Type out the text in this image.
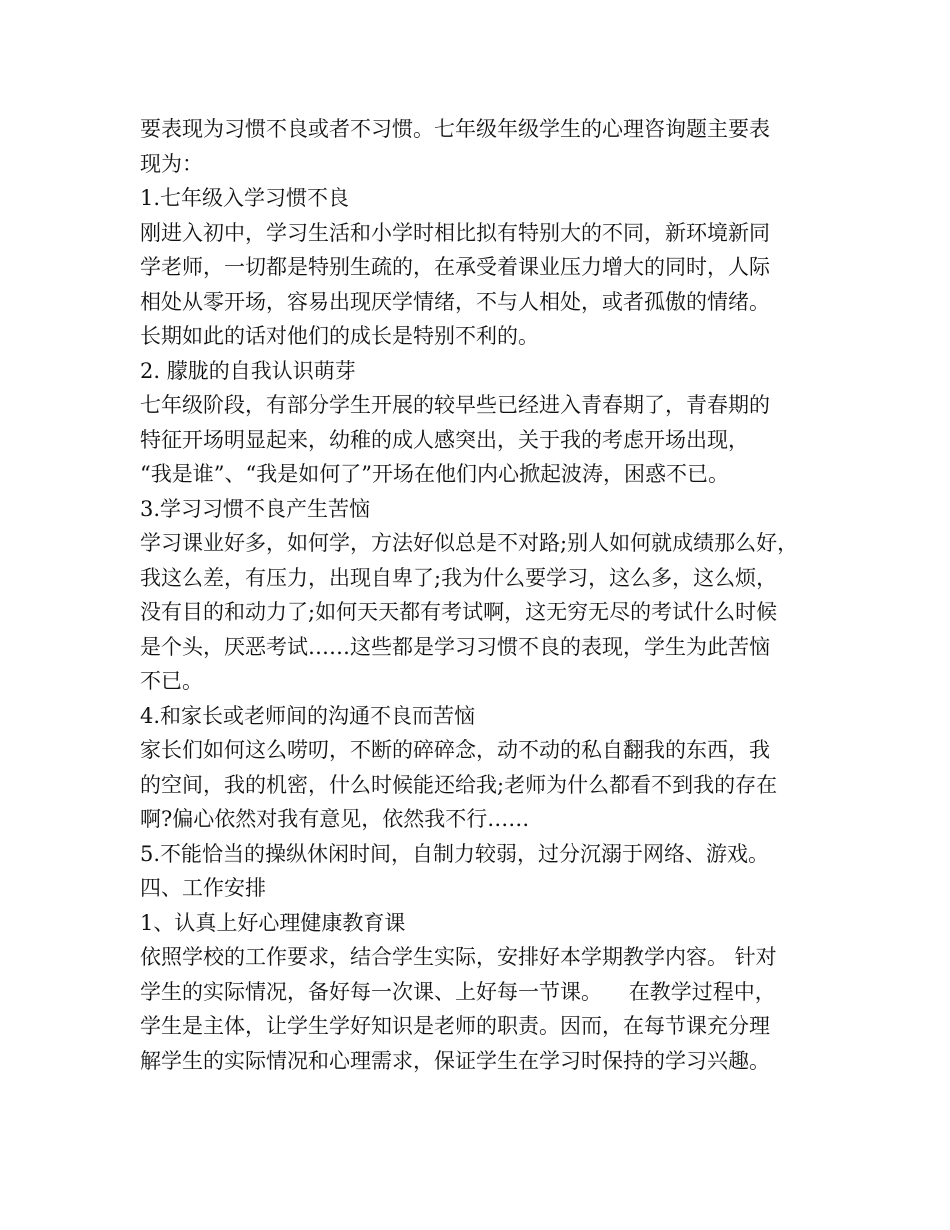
要表现为习惯不良或者不习惯。七年级年级学生的心理咨询题主要表
现为：
1.七年级入学习惯不良
刚进入初中，学习生活和小学时相比拟有特别大的不同，新环境新同
学老师，一切都是特别生疏的，在承受着课业压力增大的同时，人际
相处从零开场，容易出现厌学情绪，不与人相处，或者孤傲的情绪。
长期如此的话对他们的成长是特别不利的。
2. 朦胧的自我认识萌芽
七年级阶段，有部分学生开展的较早些已经进入青春期了，青春期的
特征开场明显起来，幼稚的成人感突出，关于我的考虑开场出现，
“我是谁”、“我是如何了”开场在他们内心掀起波涛，困惑不已。
3.学习习惯不良产生苦恼
学习课业好多，如何学，方法好似总是不对路;别人如何就成绩那么好，
我这么差，有压力，出现自卑了;我为什么要学习，这么多，这么烦，
没有目的和动力了;如何天天都有考试啊，这无穷无尽的考试什么时候
是个头，厌恶考试……这些都是学习习惯不良的表现，学生为此苦恼
不已。
4.和家长或老师间的沟通不良而苦恼
家长们如何这么唠叨，不断的碎碎念，动不动的私自翻我的东西，我
的空间，我的机密，什么时候能还给我;老师为什么都看不到我的存在
啊?偏心依然对我有意见，依然我不行……
5.不能恰当的操纵休闲时间，自制力较弱，过分沉溺于网络、游戏。
四、工作安排
1、认真上好心理健康教育课
依照学校的工作要求，结合学生实际，安排好本学期教学内容。 针对
学生的实际情况，备好每一次课、上好每一节课。    在教学过程中，
学生是主体，让学生学好知识是老师的职责。因而，在每节课充分理
解学生的实际情况和心理需求，保证学生在学习时保持的学习兴趣。
